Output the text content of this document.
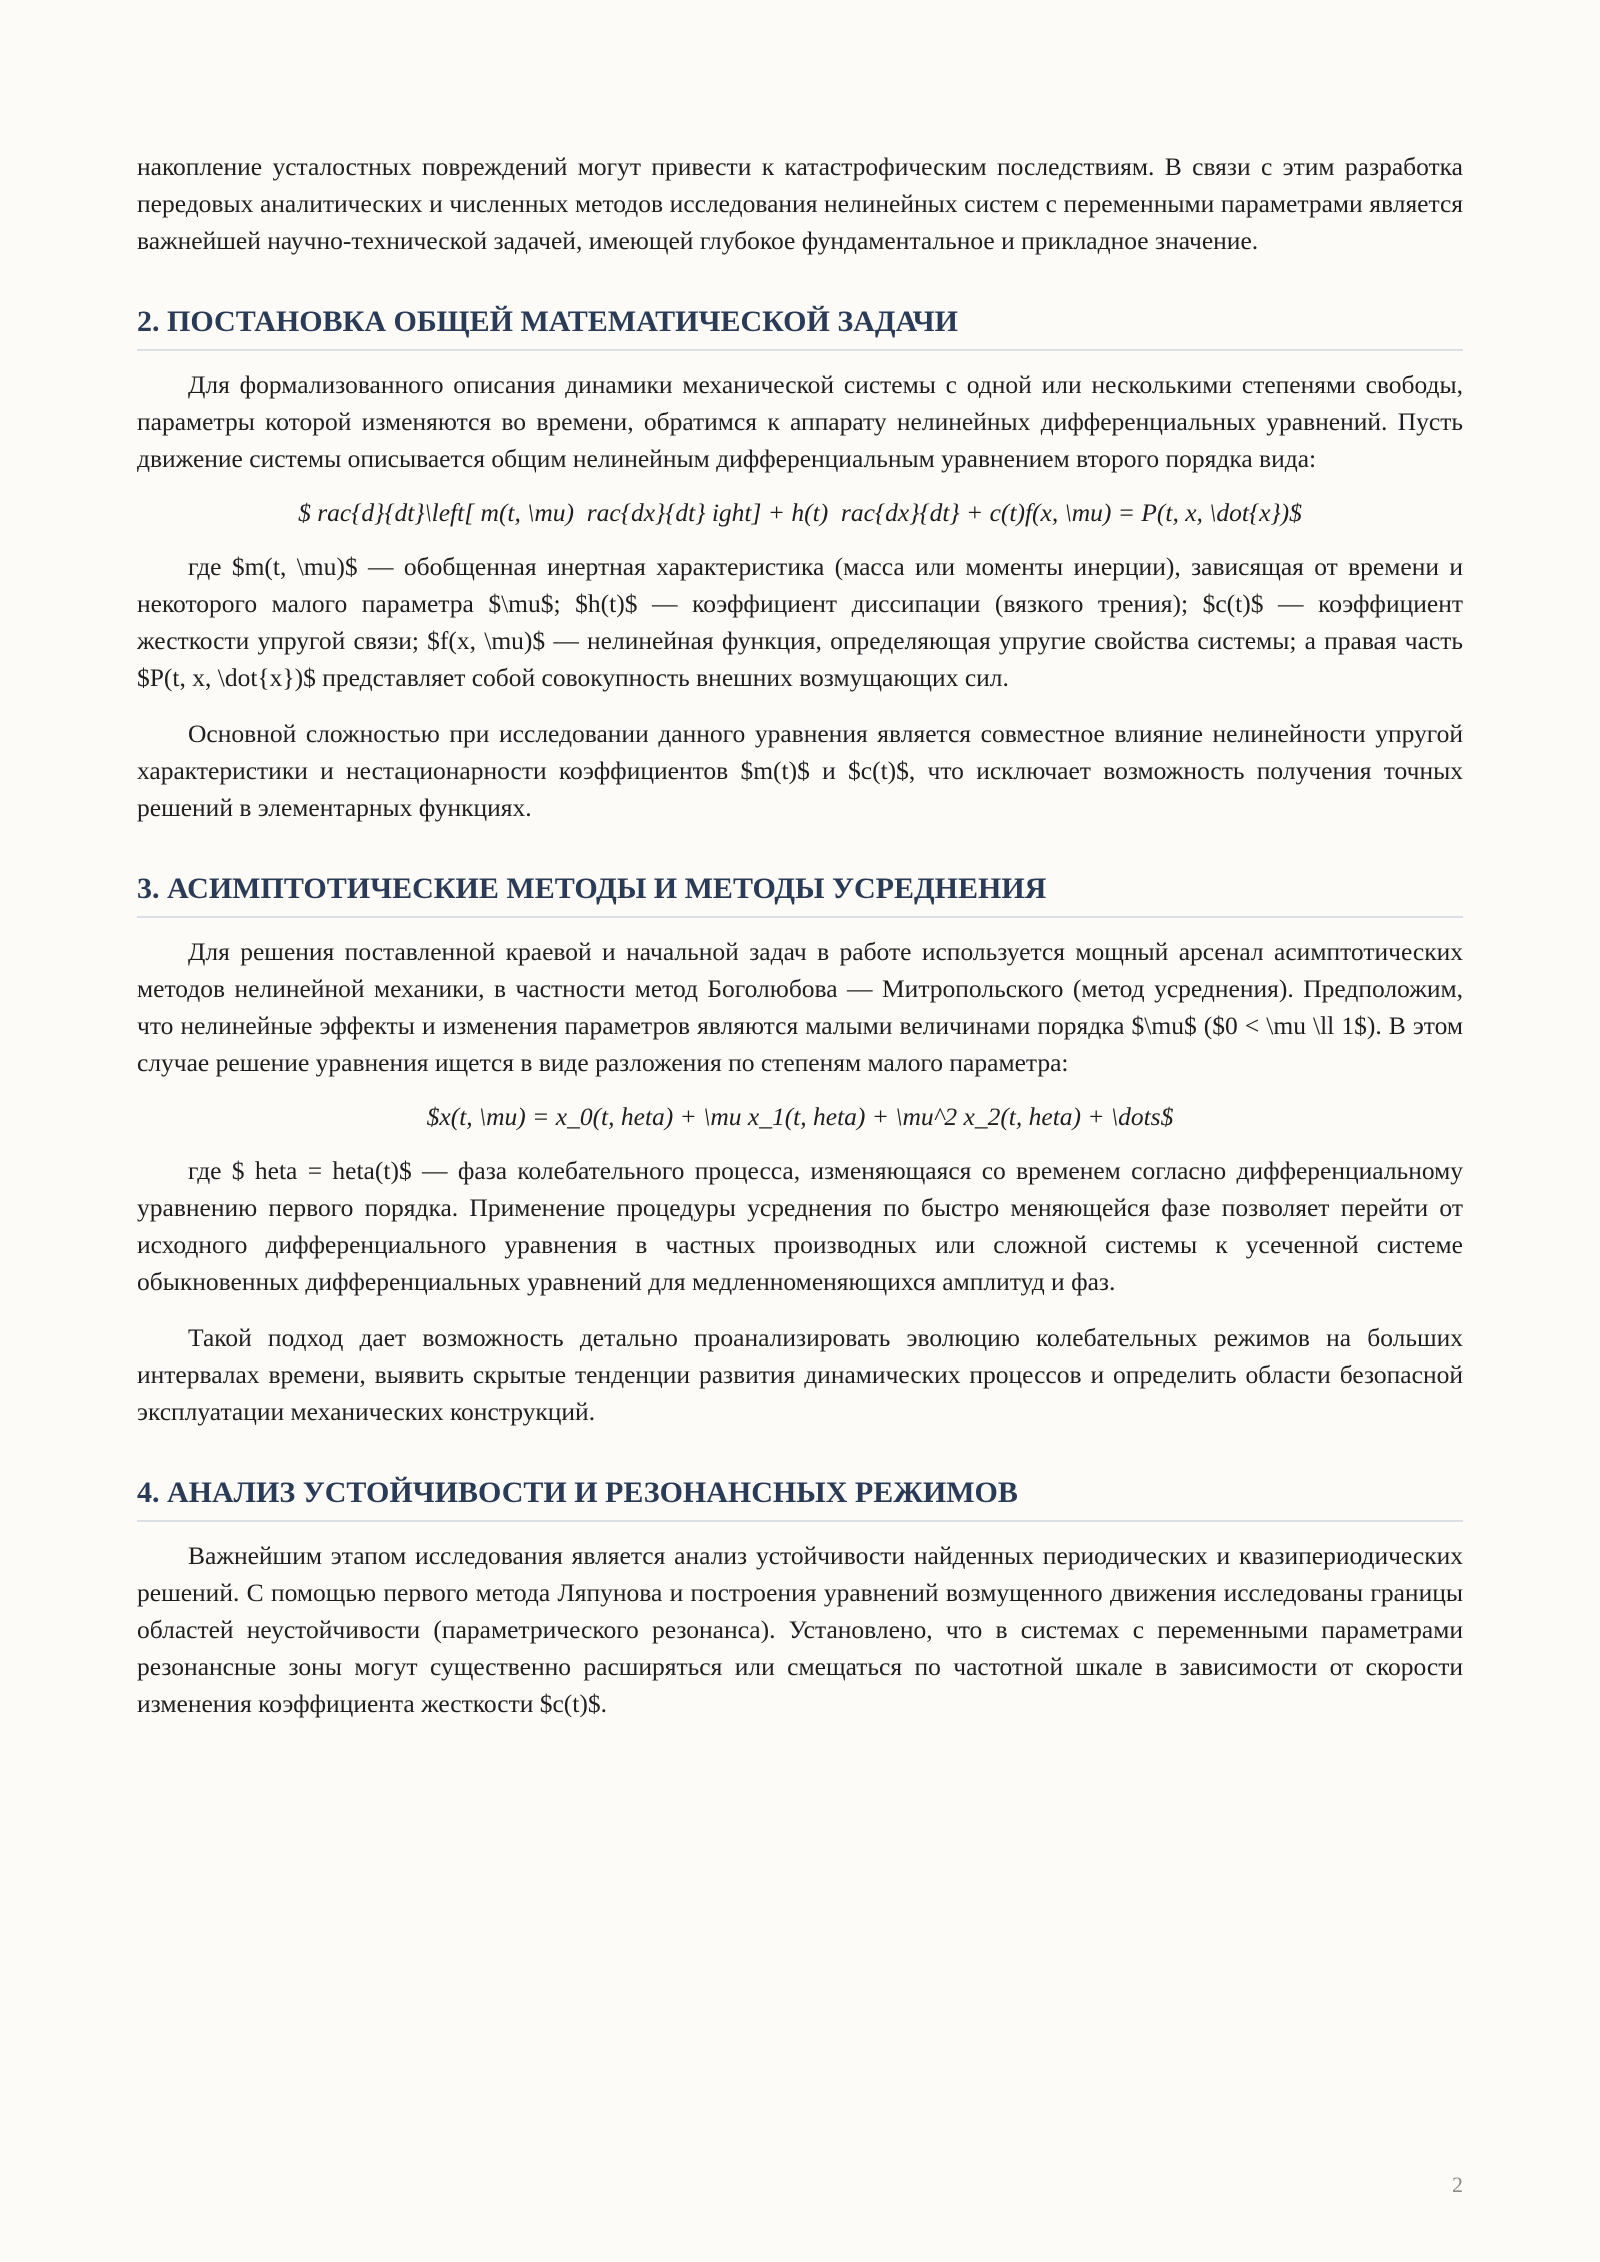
накопление усталостных повреждений могут привести к катастрофическим последствиям. В связи с этим разработка передовых аналитических и численных методов исследования нелинейных систем с переменными параметрами является важнейшей научно-технической задачей, имеющей глубокое фундаментальное и прикладное значение.

2. ПОСТАНОВКА ОБЩЕЙ МАТЕМАТИЧЕСКОЙ ЗАДАЧИ

Для формализованного описания динамики механической системы с одной или несколькими степенями свободы, параметры которой изменяются во времени, обратимся к аппарату нелинейных дифференциальных уравнений. Пусть движение системы описывается общим нелинейным дифференциальным уравнением второго порядка вида:

$ rac{d}{dt}\left[ m(t, \mu)  rac{dx}{dt} ight] + h(t)  rac{dx}{dt} + c(t)f(x, \mu) = P(t, x, \dot{x})$

где $m(t, \mu)$ — обобщенная инертная характеристика (масса или моменты инерции), зависящая от времени и некоторого малого параметра $\mu$; $h(t)$ — коэффициент диссипации (вязкого трения); $c(t)$ — коэффициент жесткости упругой связи; $f(x, \mu)$ — нелинейная функция, определяющая упругие свойства системы; а правая часть $P(t, x, \dot{x})$ представляет собой совокупность внешних возмущающих сил.

Основной сложностью при исследовании данного уравнения является совместное влияние нелинейности упругой характеристики и нестационарности коэффициентов $m(t)$ и $c(t)$, что исключает возможность получения точных решений в элементарных функциях.

3. АСИМПТОТИЧЕСКИЕ МЕТОДЫ И МЕТОДЫ УСРЕДНЕНИЯ

Для решения поставленной краевой и начальной задач в работе используется мощный арсенал асимптотических методов нелинейной механики, в частности метод Боголюбова — Митропольского (метод усреднения). Предположим, что нелинейные эффекты и изменения параметров являются малыми величинами порядка $\mu$ ($0 < \mu \ll 1$). В этом случае решение уравнения ищется в виде разложения по степеням малого параметра:

$x(t, \mu) = x_0(t, heta) + \mu x_1(t, heta) + \mu^2 x_2(t, heta) + \dots$

где $ heta = heta(t)$ — фаза колебательного процесса, изменяющаяся со временем согласно дифференциальному уравнению первого порядка. Применение процедуры усреднения по быстро меняющейся фазе позволяет перейти от исходного дифференциального уравнения в частных производных или сложной системы к усеченной системе обыкновенных дифференциальных уравнений для медленноменяющихся амплитуд и фаз.

Такой подход дает возможность детально проанализировать эволюцию колебательных режимов на больших интервалах времени, выявить скрытые тенденции развития динамических процессов и определить области безопасной эксплуатации механических конструкций.

4. АНАЛИЗ УСТОЙЧИВОСТИ И РЕЗОНАНСНЫХ РЕЖИМОВ

Важнейшим этапом исследования является анализ устойчивости найденных периодических и квазипериодических решений. С помощью первого метода Ляпунова и построения уравнений возмущенного движения исследованы границы областей неустойчивости (параметрического резонанса). Установлено, что в системах с переменными параметрами резонансные зоны могут существенно расширяться или смещаться по частотной шкале в зависимости от скорости изменения коэффициента жесткости $c(t)$.

2
